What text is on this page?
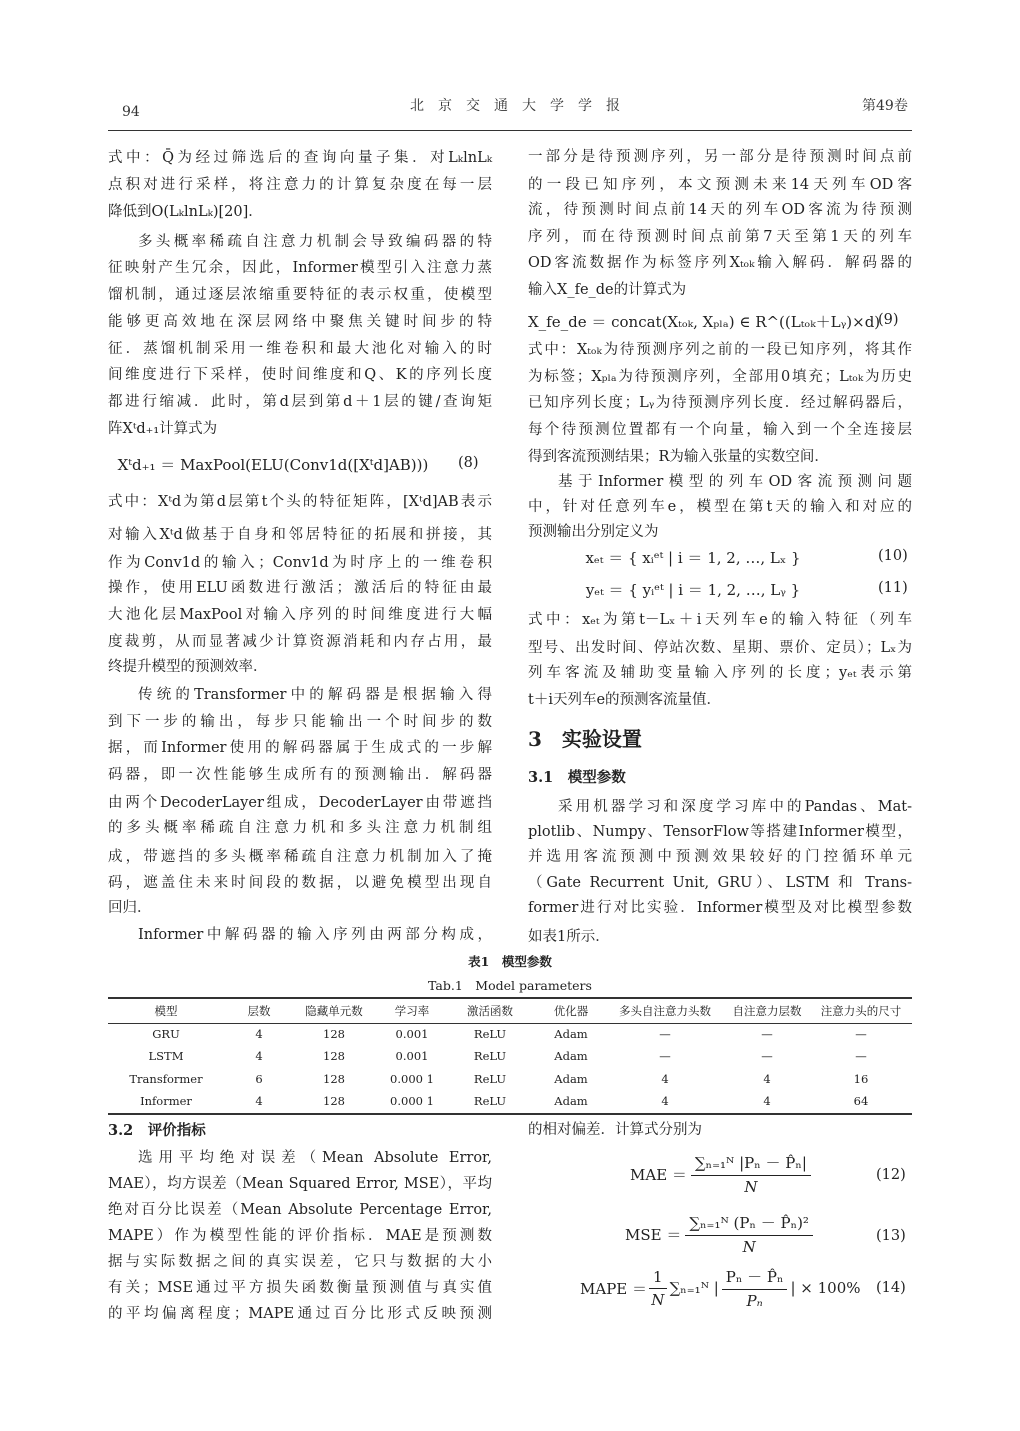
94	北　京　交　通　大　学　学　报	第49卷
式中：Q̄为经过筛选后的查询向量子集．对LₖlnLₖ
点积对进行采样，将注意力的计算复杂度在每一层
降低到O(LₖlnLₖ)[20]．
多头概率稀疏自注意力机制会导致编码器的特
征映射产生冗余，因此，Informer模型引入注意力蒸
馏机制，通过逐层浓缩重要特征的表示权重，使模型
能够更高效地在深层网络中聚焦关键时间步的特
征．蒸馏机制采用一维卷积和最大池化对输入的时
间维度进行下采样，使时间维度和Q、K的序列长度
都进行缩减．此时，第d层到第d＋1层的键/查询矩
阵Xᵗd₊₁计算式为
Xᵗd₊₁ ＝ MaxPool(ELU(Conv1d([Xᵗd]AB)))	(8)
式中：Xᵗd为第d层第t个头的特征矩阵，[Xᵗd]AB表示
对输入Xᵗd做基于自身和邻居特征的拓展和拼接，其
作为Conv1d的输入；Conv1d为时序上的一维卷积
操作，使用ELU函数进行激活；激活后的特征由最
大池化层MaxPool对输入序列的时间维度进行大幅
度裁剪，从而显著减少计算资源消耗和内存占用，最
终提升模型的预测效率．
传统的Transformer中的解码器是根据输入得
到下一步的输出，每步只能输出一个时间步的数
据，而Informer使用的解码器属于生成式的一步解
码器，即一次性能够生成所有的预测输出．解码器
由两个DecoderLayer组成，DecoderLayer由带遮挡
的多头概率稀疏自注意力机和多头注意力机制组
成，带遮挡的多头概率稀疏自注意力机制加入了掩
码，遮盖住未来时间段的数据，以避免模型出现自
回归．
Informer中解码器的输入序列由两部分构成，
一部分是待预测序列，另一部分是待预测时间点前
的一段已知序列，本文预测未来14天列车OD客
流，待预测时间点前14天的列车OD客流为待预测
序列，而在待预测时间点前第7天至第1天的列车
OD客流数据作为标签序列Xₜₒₖ输入解码．解码器的
输入X_fe_de的计算式为
X_fe_de ＝ concat(Xₜₒₖ, Xₚₗₐ) ∈ R^((Lₜₒₖ＋Lᵧ)×d)
(9)
式中：Xₜₒₖ为待预测序列之前的一段已知序列，将其作
为标签；Xₚₗₐ为待预测序列，全部用0填充；Lₜₒₖ为历史
已知序列长度；Lᵧ为待预测序列长度．经过解码器后，
每个待预测位置都有一个向量，输入到一个全连接层
得到客流预测结果；R为输入张量的实数空间．
基于Informer模型的列车OD客流预测问题
中，针对任意列车e，模型在第t天的输入和对应的
预测输出分别定义为
xₑₜ ＝ { xᵢᵉᵗ | i ＝ 1, 2, …, Lₓ }	(10)
yₑₜ ＝ { yᵢᵉᵗ | i ＝ 1, 2, …, Lᵧ }	(11)
式中：xₑₜ为第t－Lₓ＋i天列车e的输入特征（列车
型号、出发时间、停站次数、星期、票价、定员）；Lₓ为
列车客流及辅助变量输入序列的长度；yₑₜ表示第
t＋i天列车e的预测客流量值．
3　实验设置
3.1　模型参数
采用机器学习和深度学习库中的Pandas、Mat-
plotlib、Numpy、TensorFlow等搭建Informer模型，
并选用客流预测中预测效果较好的门控循环单元
（Gate Recurrent Unit, GRU）、LSTM 和 Trans-
former进行对比实验．Informer模型及对比模型参数
如表1所示．
3.2　评价指标
选用平均绝对误差（Mean Absolute Error,
MAE），均方误差（Mean Squared Error, MSE），平均
绝对百分比误差（Mean Absolute Percentage Error,
MAPE）作为模型性能的评价指标．MAE是预测数
据与实际数据之间的真实误差，它只与数据的大小
有关；MSE通过平方损失函数衡量预测值与真实值
的平均偏离程度；MAPE通过百分比形式反映预测
表1　模型参数
Tab.1　Model parameters
模型	层数	隐藏单元数	学习率	激活函数	优化器	多头自注意力头数 自注意力层数 注意力头的尺寸
GRU	4	128	0.001	ReLU	Adam	—	—	—
LSTM	4	128	0.001	ReLU	Adam	—	—	—
Transformer	6	128	0.000 1	ReLU	Adam	4	4	16
Informer	4	128	0.000 1	ReLU	Adam	4	4	64
的相对偏差．计算式分别为
MAE ＝ $\frac{\text{∑ₙ₌₁ᴺ |Pₙ － P̂ₙ|}}{N}$	(12)
MSE ＝ $\frac{\text{∑ₙ₌₁ᴺ (Pₙ － P̂ₙ)²}}{N}$	(13)
MAPE ＝ $\frac{1}{N}$ ∑ₙ₌₁ᴺ | $\frac{\text{Pₙ － P̂ₙ}}{\text{Pₙ}}$ | × 100% (14)
